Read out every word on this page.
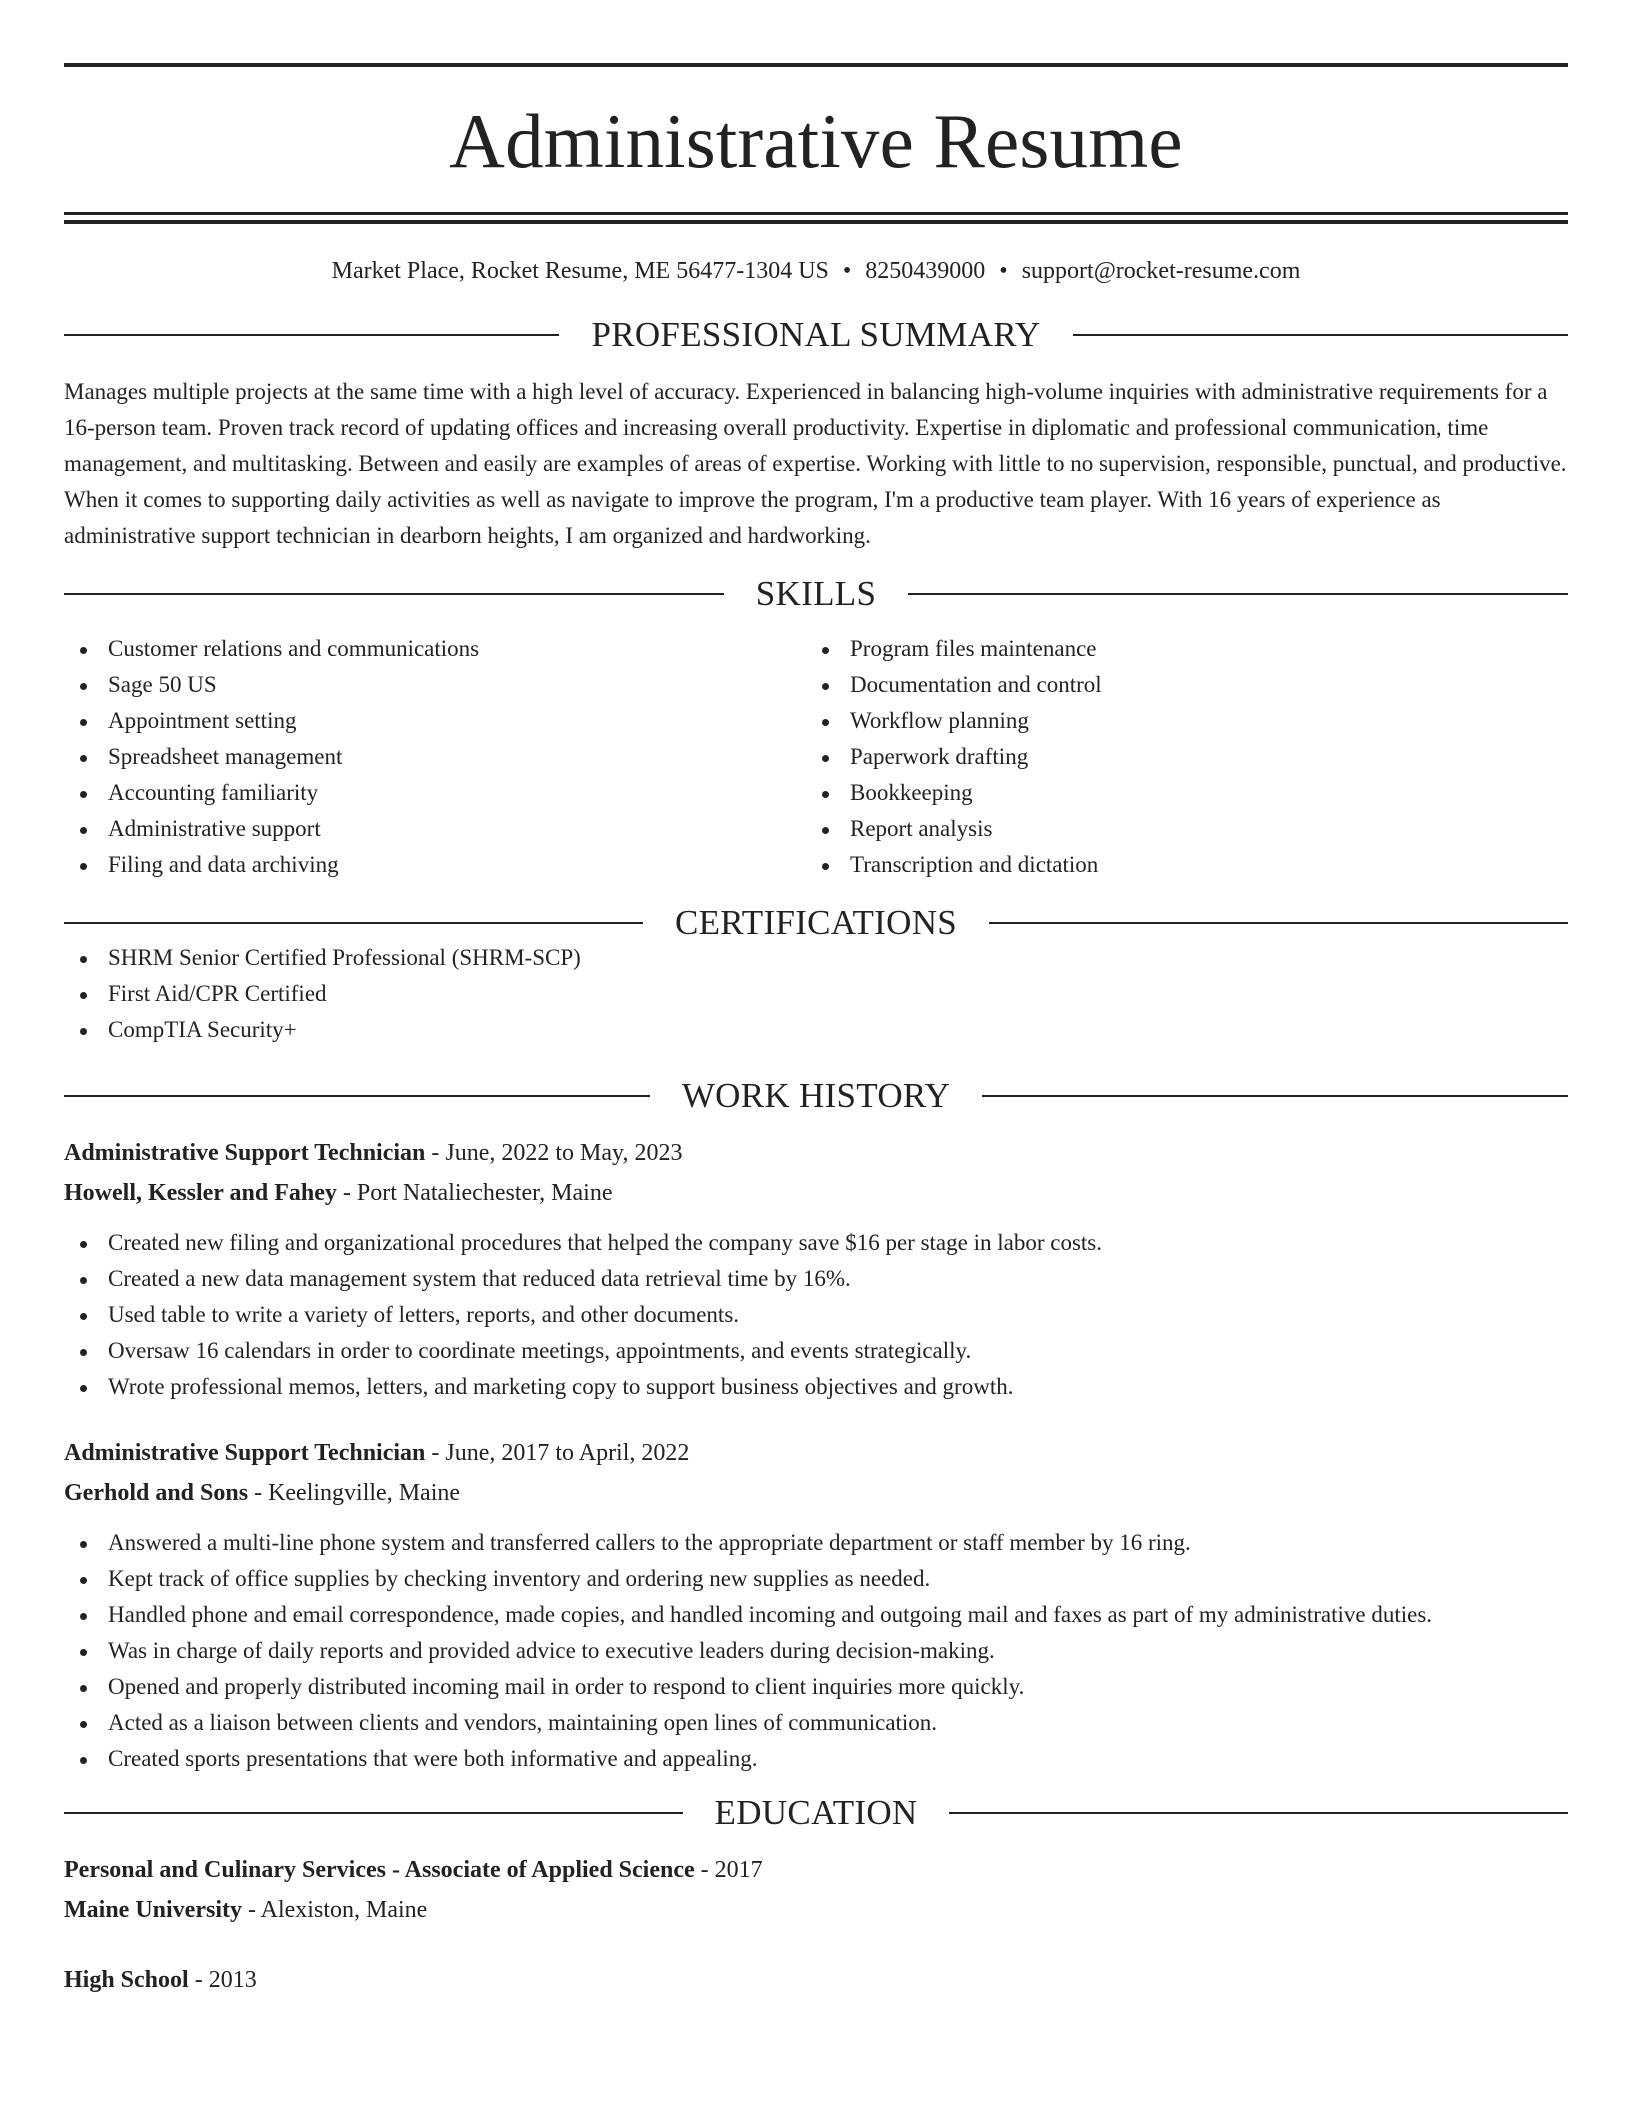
Administrative Resume
Market Place, Rocket Resume, ME 56477-1304 US • 8250439000 • support@rocket-resume.com
PROFESSIONAL SUMMARY

Manages multiple projects at the same time with a high level of accuracy. Experienced in balancing high-volume inquiries with administrative requirements for a 16-person team. Proven track record of updating offices and increasing overall productivity. Expertise in diplomatic and professional communication, time management, and multitasking. Between and easily are examples of areas of expertise. Working with little to no supervision, responsible, punctual, and productive. When it comes to supporting daily activities as well as navigate to improve the program, I'm a productive team player. With 16 years of experience as administrative support technician in dearborn heights, I am organized and hardworking.

SKILLS
Customer relations and communications
Sage 50 US
Appointment setting
Spreadsheet management
Accounting familiarity
Administrative support
Filing and data archiving
Program files maintenance
Documentation and control
Workflow planning
Paperwork drafting
Bookkeeping
Report analysis
Transcription and dictation
CERTIFICATIONS
SHRM Senior Certified Professional (SHRM-SCP)
First Aid/CPR Certified
CompTIA Security+
WORK HISTORY
Administrative Support Technician - June, 2022 to May, 2023
Howell, Kessler and Fahey - Port Nataliechester, Maine
Created new filing and organizational procedures that helped the company save $16 per stage in labor costs.
Created a new data management system that reduced data retrieval time by 16%.
Used table to write a variety of letters, reports, and other documents.
Oversaw 16 calendars in order to coordinate meetings, appointments, and events strategically.
Wrote professional memos, letters, and marketing copy to support business objectives and growth.
Administrative Support Technician - June, 2017 to April, 2022
Gerhold and Sons - Keelingville, Maine
Answered a multi-line phone system and transferred callers to the appropriate department or staff member by 16 ring.
Kept track of office supplies by checking inventory and ordering new supplies as needed.
Handled phone and email correspondence, made copies, and handled incoming and outgoing mail and faxes as part of my administrative duties.
Was in charge of daily reports and provided advice to executive leaders during decision-making.
Opened and properly distributed incoming mail in order to respond to client inquiries more quickly.
Acted as a liaison between clients and vendors, maintaining open lines of communication.
Created sports presentations that were both informative and appealing.
EDUCATION
Personal and Culinary Services - Associate of Applied Science - 2017
Maine University - Alexiston, Maine
High School - 2013
